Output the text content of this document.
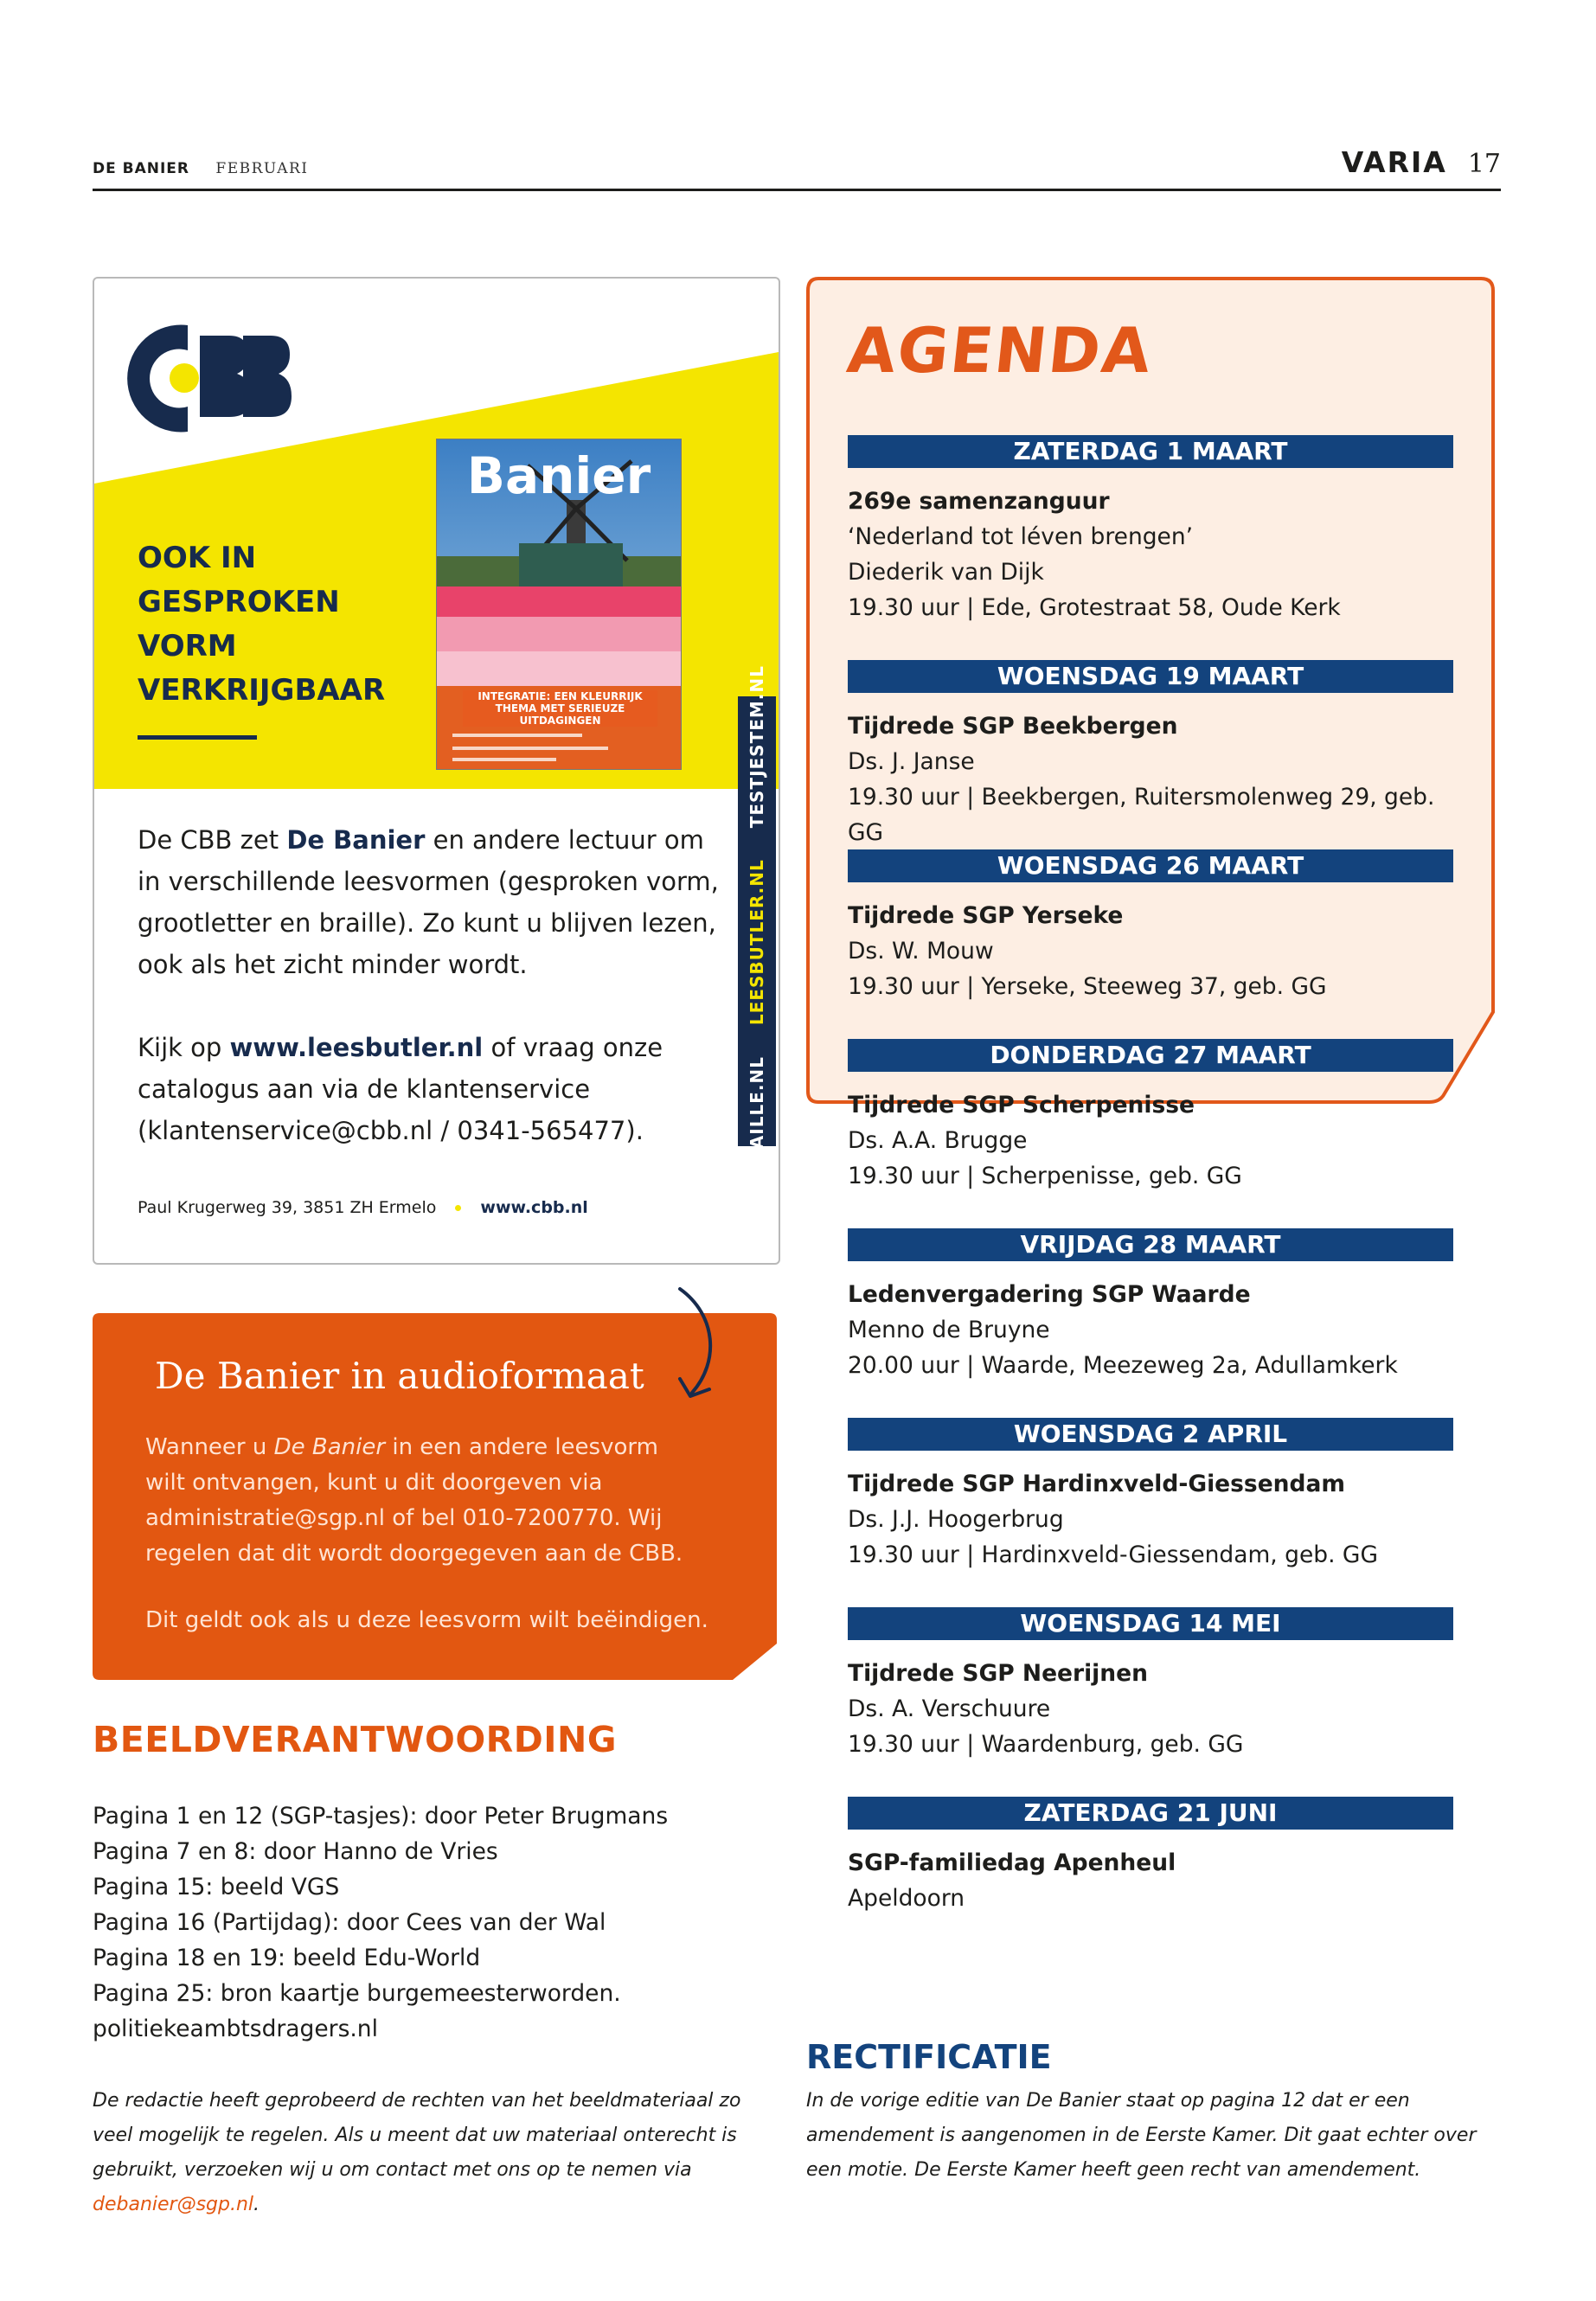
DE BANIER FEBRUARI	VARIA 17
Banier
INTEGRATIE: EEN KLEURRIJK THEMA MET SERIEUZE UITDAGINGEN
OOK IN
GESPROKEN
VORM
VERKRIJGBAAR
BRAILLE.NL LEESBUTLER.NL TESTJESTEM.NL
De CBB zet De Banier en andere lectuur om in verschillende leesvormen (gesproken vorm, grootletter en braille). Zo kunt u blijven lezen, ook als het zicht minder wordt.
Kijk op www.leesbutler.nl of vraag onze catalogus aan via de klantenservice (klantenservice@cbb.nl / 0341-565477).
Paul Krugerweg 39, 3851 ZH Ermelo	www.cbb.nl
De Banier in audioformaat
Wanneer u De Banier in een andere leesvorm wilt ontvangen, kunt u dit doorgeven via administratie@sgp.nl of bel 010-7200770. Wij regelen dat dit wordt doorgegeven aan de CBB.
Dit geldt ook als u deze leesvorm wilt beëindigen.
BEELDVERANTWOORDING
Pagina 1 en 12 (SGP-tasjes): door Peter Brugmans
Pagina 7 en 8: door Hanno de Vries
Pagina 15: beeld VGS
Pagina 16 (Partijdag): door Cees van der Wal
Pagina 18 en 19: beeld Edu-World
Pagina 25: bron kaartje burgemeesterworden.
politiekeambtsdragers.nl
De redactie heeft geprobeerd de rechten van het beeldmateriaal zo veel mogelijk te regelen. Als u meent dat uw materiaal onterecht is gebruikt, verzoeken wij u om contact met ons op te nemen via debanier@sgp.nl.
AGENDA
ZATERDAG 1 MAART
269e samenzanguur
‘Nederland tot léven brengen’
Diederik van Dijk
19.30 uur | Ede, Grotestraat 58, Oude Kerk
WOENSDAG 19 MAART
Tijdrede SGP Beekbergen
Ds. J. Janse
19.30 uur | Beekbergen, Ruitersmolenweg 29, geb. GG
WOENSDAG 26 MAART
Tijdrede SGP Yerseke
Ds. W. Mouw
19.30 uur | Yerseke, Steeweg 37, geb. GG
DONDERDAG 27 MAART
Tijdrede SGP Scherpenisse
Ds. A.A. Brugge
19.30 uur | Scherpenisse, geb. GG
VRIJDAG 28 MAART
Ledenvergadering SGP Waarde
Menno de Bruyne
20.00 uur | Waarde, Meezeweg 2a, Adullamkerk
WOENSDAG 2 APRIL
Tijdrede SGP Hardinxveld-Giessendam
Ds. J.J. Hoogerbrug
19.30 uur | Hardinxveld-Giessendam, geb. GG
WOENSDAG 14 MEI
Tijdrede SGP Neerijnen
Ds. A. Verschuure
19.30 uur | Waardenburg, geb. GG
ZATERDAG 21 JUNI
SGP-familiedag Apenheul
Apeldoorn
RECTIFICATIE
In de vorige editie van De Banier staat op pagina 12 dat er een amendement is aangenomen in de Eerste Kamer. Dit gaat echter over een motie. De Eerste Kamer heeft geen recht van amendement.
